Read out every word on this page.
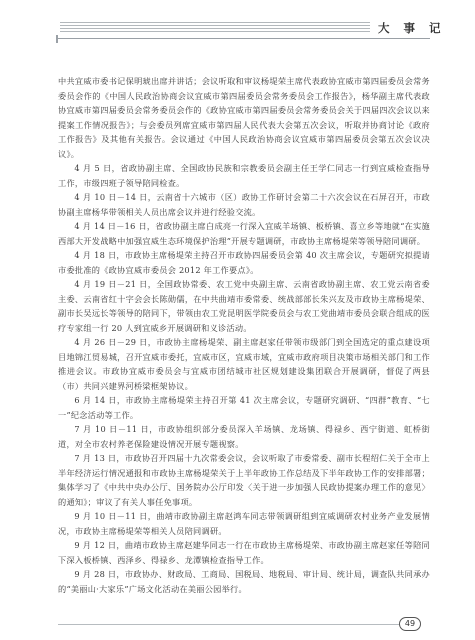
大 事 记

中共宜威市委书记保明琥出席并讲话；会议听取和审议杨堤荣主席代表政协宜威市第四届委员会常务委员会作的《中国人民政治协商会议宜威市第四届委员会常务委员会工作报告》，杨华副主席代表政协宜威市第四届委员会常务委员会作的《政协宜威市第四届委员会常务委员会关于四届四次会议以来提案工作情况报告》；与会委员列席宜威市第四届人民代表大会第五次会议，听取并协商讨论《政府工作报告》及其他有关报告。会议通过《中国人民政治协商会议宜威市第四届委员会第五次会议决议》。

4 月 5 日，省政协副主席、全国政协民族和宗教委员会副主任王学仁同志一行到宜威检查指导工作，市级四班子领导陪同检查。

4 月 10 日－14 日，云南省十六城市（区）政协工作研讨会第二十六次会议在石屏召开，市政协副主席杨华带领相关人员出席会议并进行经验交流。

4 月 14 日－16 日，省政协副主席白成亮一行深入宜威羊场镇、板桥镇、喜立乡等地就“在实施西部大开发战略中加强宜威生态环境保护治理”开展专题调研，市政协主席杨堤荣等领导陪同调研。

4 月 18 日，市政协主席杨堤荣主持召开市政协四届委员会第 40 次主席会议，专题研究拟提请市委批准的《政协宜威市委员会 2012 年工作要点》。

4 月 19 日－21 日，全国政协常委、农工党中央副主席、云南省政协副主席、农工党云南省委主委、云南省红十字会会长陈勋儒，在中共曲靖市委常委、统战部部长朱兴友及市政协主席杨堤荣、副市长吴远长等领导的陪同下，带领由农工党昆明医学院委员会与农工党曲靖市委员会联合组成的医疗专家组一行 20 人到宜威乡开展调研和义诊活动。

4 月 26 日－29 日，市政协主席杨堤荣、副主席赵家任带领市级部门到全国选定的重点建设项目地锦江贸易城，召开宜威市委托，宜威市区，宜威市域，宜威市政府项目决策市场相关部门和工作推进会议。市政协宜威市委员会与宜威市团结城市社区规划建设集团联合开展调研，督促了两县（市）共同兴建界河桥梁框架协议。

6 月 14 日，市政协主席杨堤荣主持召开第 41 次主席会议，专题研究调研、“四群”教育、“七一”纪念活动等工作。

7 月 10 日－11 日，市政协组织部分委员深入羊场镇、龙场镇、得禄乡、西宁街道、虹桥街道，对全市农村养老保险建设情况开展专题视察。

7 月 13 日，市政协召开四届十九次常委会议，会议听取了市委常委、副市长程绍仁关于全市上半年经济运行情况通报和市政协主席杨堤荣关于上半年政协工作总结及下半年政协工作的安排部署；集体学习了《中共中央办公厅、国务院办公厅印发〈关于进一步加强人民政协提案办理工作的意见〉的通知》；审议了有关人事任免事项。

9 月 10 日－11 日，曲靖市政协副主席赵鸿车同志带领调研组到宜威调研农村业务产业发展情况，市政协主席杨堤荣等相关人员陪同调研。

9 月 12 日，曲靖市政协主席赵建华同志一行在市政协主席杨堤荣、市政协副主席赵家任等陪同下深入板桥镇、西泽乡、得禄乡、龙潭镇检查指导工作。

9 月 28 日，市政协办、财政局、工商局、国税局、地税局、审计局、统计局，调查队共同承办的“美丽山·大家乐”广场文化活动在美丽公园举行。

49
